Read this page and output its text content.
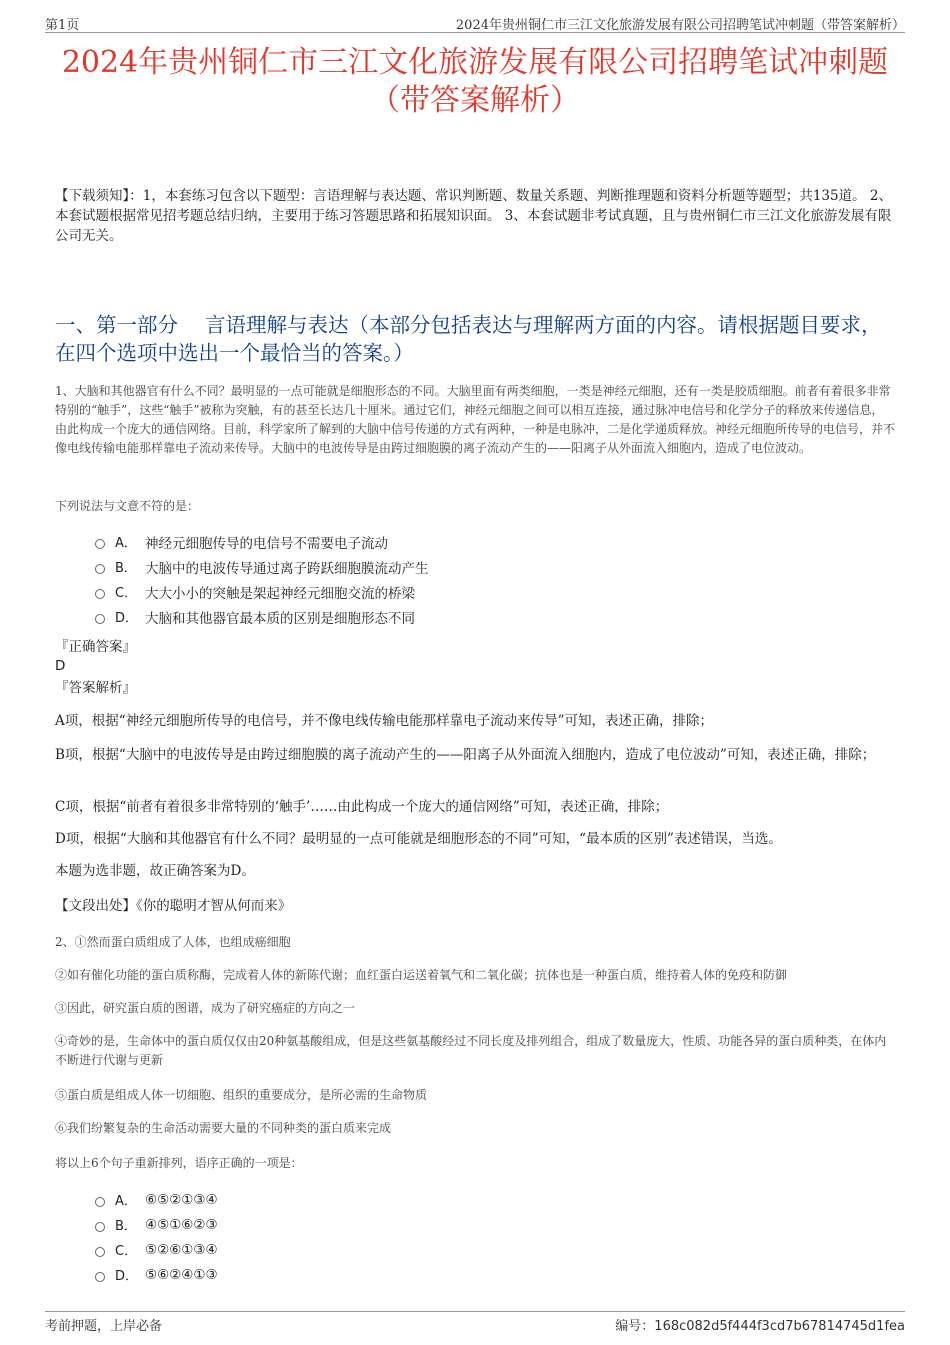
第1页	2024年贵州铜仁市三江文化旅游发展有限公司招聘笔试冲刺题（带答案解析）
2024年贵州铜仁市三江文化旅游发展有限公司招聘笔试冲刺题
（带答案解析）
【下载须知】：1，本套练习包含以下题型：言语理解与表达题、常识判断题、数量关系题、判断推理题和资料分析题等题型；共135道。 2、本套试题根据常见招考题总结归纳，主要用于练习答题思路和拓展知识面。 3、本套试题非考试真题，且与贵州铜仁市三江文化旅游发展有限公司无关。
一、第一部分　 言语理解与表达（本部分包括表达与理解两方面的内容。请根据题目要求，在四个选项中选出一个最恰当的答案。）
1、大脑和其他器官有什么不同？最明显的一点可能就是细胞形态的不同。大脑里面有两类细胞，一类是神经元细胞，还有一类是胶质细胞。前者有着很多非常特别的“触手”，这些“触手”被称为突触，有的甚至长达几十厘米。通过它们，神经元细胞之间可以相互连接，通过脉冲电信号和化学分子的释放来传递信息，由此构成一个庞大的通信网络。目前，科学家所了解到的大脑中信号传递的方式有两种，一种是电脉冲，二是化学递质释放。神经元细胞所传导的电信号，并不像电线传输电能那样靠电子流动来传导。大脑中的电波传导是由跨过细胞膜的离子流动产生的——阳离子从外面流入细胞内，造成了电位波动。
下列说法与文意不符的是：
A． 神经元细胞传导的电信号不需要电子流动
B． 大脑中的电波传导通过离子跨跃细胞膜流动产生
C． 大大小小的突触是架起神经元细胞交流的桥梁
D． 大脑和其他器官最本质的区别是细胞形态不同
『正确答案』
D
『答案解析』
A项，根据“神经元细胞所传导的电信号，并不像电线传输电能那样靠电子流动来传导”可知，表述正确，排除；
B项，根据“大脑中的电波传导是由跨过细胞膜的离子流动产生的——阳离子从外面流入细胞内，造成了电位波动”可知，表述正确，排除；
C项，根据“前者有着很多非常特别的‘触手’……由此构成一个庞大的通信网络”可知，表述正确，排除；
D项，根据“大脑和其他器官有什么不同？最明显的一点可能就是细胞形态的不同”可知，“最本质的区别”表述错误，当选。
本题为选非题，故正确答案为D。
【文段出处】《你的聪明才智从何而来》
2、①然而蛋白质组成了人体，也组成癌细胞
②如有催化功能的蛋白质称酶，完成着人体的新陈代谢；血红蛋白运送着氧气和二氧化碳；抗体也是一种蛋白质，维持着人体的免疫和防御
③因此，研究蛋白质的图谱，成为了研究癌症的方向之一
④奇妙的是，生命体中的蛋白质仅仅由20种氨基酸组成，但是这些氨基酸经过不同长度及排列组合，组成了数量庞大，性质、功能各异的蛋白质种类，在体内不断进行代谢与更新
⑤蛋白质是组成人体一切细胞、组织的重要成分，是所必需的生命物质
⑥我们纷繁复杂的生命活动需要大量的不同种类的蛋白质来完成
将以上6个句子重新排列，语序正确的一项是：
A． ⑥⑤②①③④
B． ④⑤①⑥②③
C． ⑤②⑥①③④
D． ⑤⑥②④①③
考前押题，上岸必备	编号：168c082d5f444f3cd7b67814745d1fea
